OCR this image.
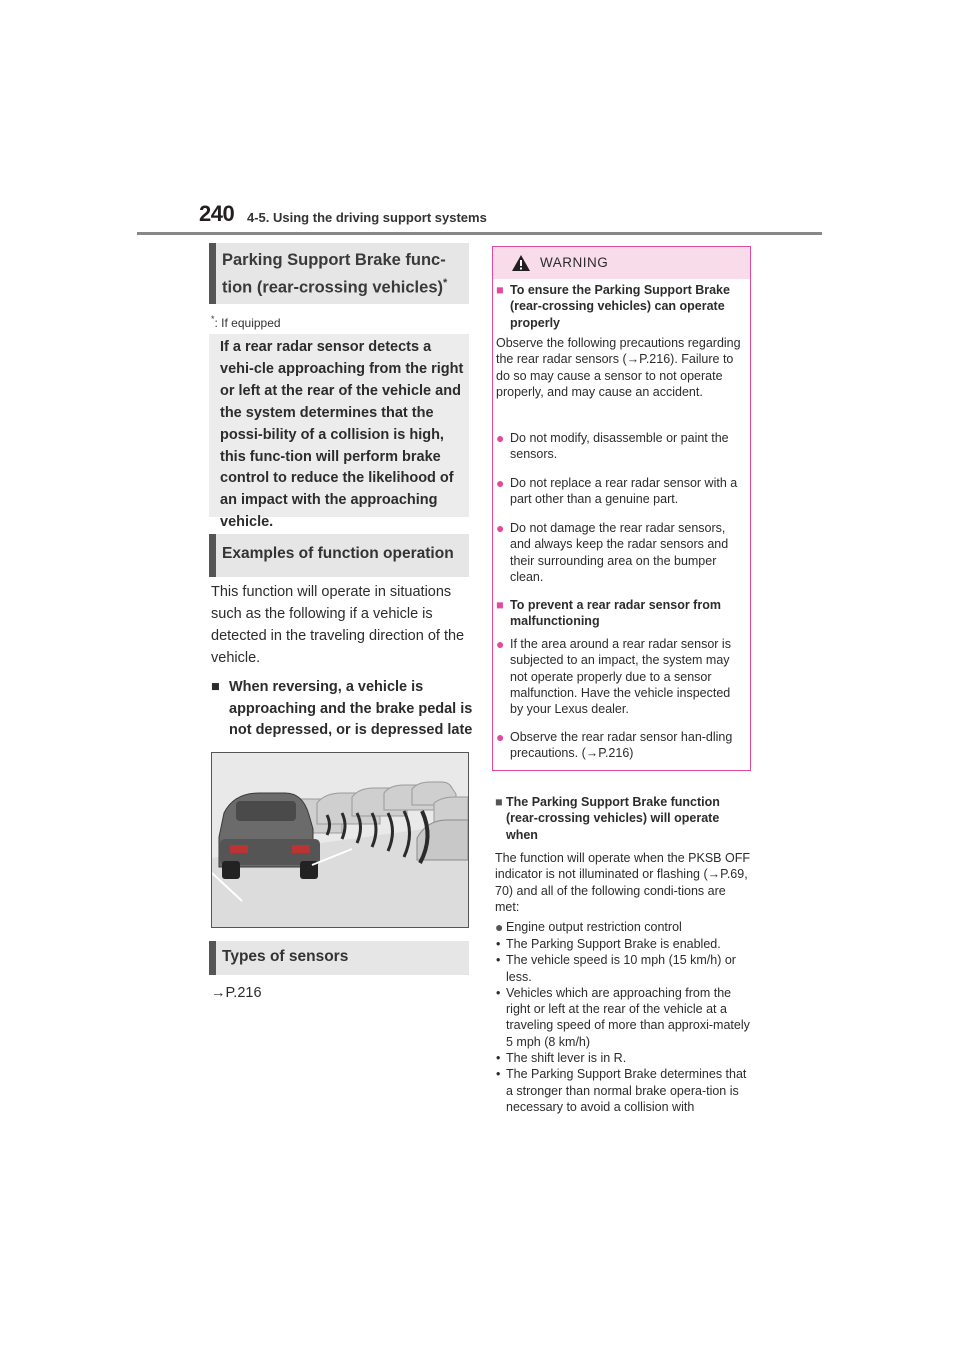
240 4-5. Using the driving support systems
Parking Support Brake func-
tion (rear-crossing vehicles)*
*: If equipped
If a rear radar sensor detects a vehi-cle approaching from the right or left at the rear of the vehicle and the system determines that the possi-bility of a collision is high, this func-tion will perform brake control to reduce the likelihood of an impact with the approaching vehicle.
Examples of function operation
This function will operate in situations such as the following if a vehicle is detected in the traveling direction of the vehicle.
■ When reversing, a vehicle is approaching and the brake pedal is not depressed, or is depressed late
Types of sensors
→P.216
WARNING
■ To ensure the Parking Support Brake (rear-crossing vehicles) can operate properly
Observe the following precautions regarding the rear radar sensors (→P.216). Failure to do so may cause a sensor to not operate properly, and may cause an accident.
● Do not modify, disassemble or paint the sensors.
● Do not replace a rear radar sensor with a part other than a genuine part.
● Do not damage the rear radar sensors, and always keep the radar sensors and their surrounding area on the bumper clean.
■ To prevent a rear radar sensor from malfunctioning
● If the area around a rear radar sensor is subjected to an impact, the system may not operate properly due to a sensor malfunction. Have the vehicle inspected by your Lexus dealer.
● Observe the rear radar sensor han-dling precautions. (→P.216)
■ The Parking Support Brake function (rear-crossing vehicles) will operate when
The function will operate when the PKSB OFF indicator is not illuminated or flashing (→P.69, 70) and all of the following condi-tions are met:
● Engine output restriction control
• The Parking Support Brake is enabled.
• The vehicle speed is 10 mph (15 km/h) or less.
• Vehicles which are approaching from the right or left at the rear of the vehicle at a traveling speed of more than approxi-mately 5 mph (8 km/h)
• The shift lever is in R.
• The Parking Support Brake determines that a stronger than normal brake opera-tion is necessary to avoid a collision with
